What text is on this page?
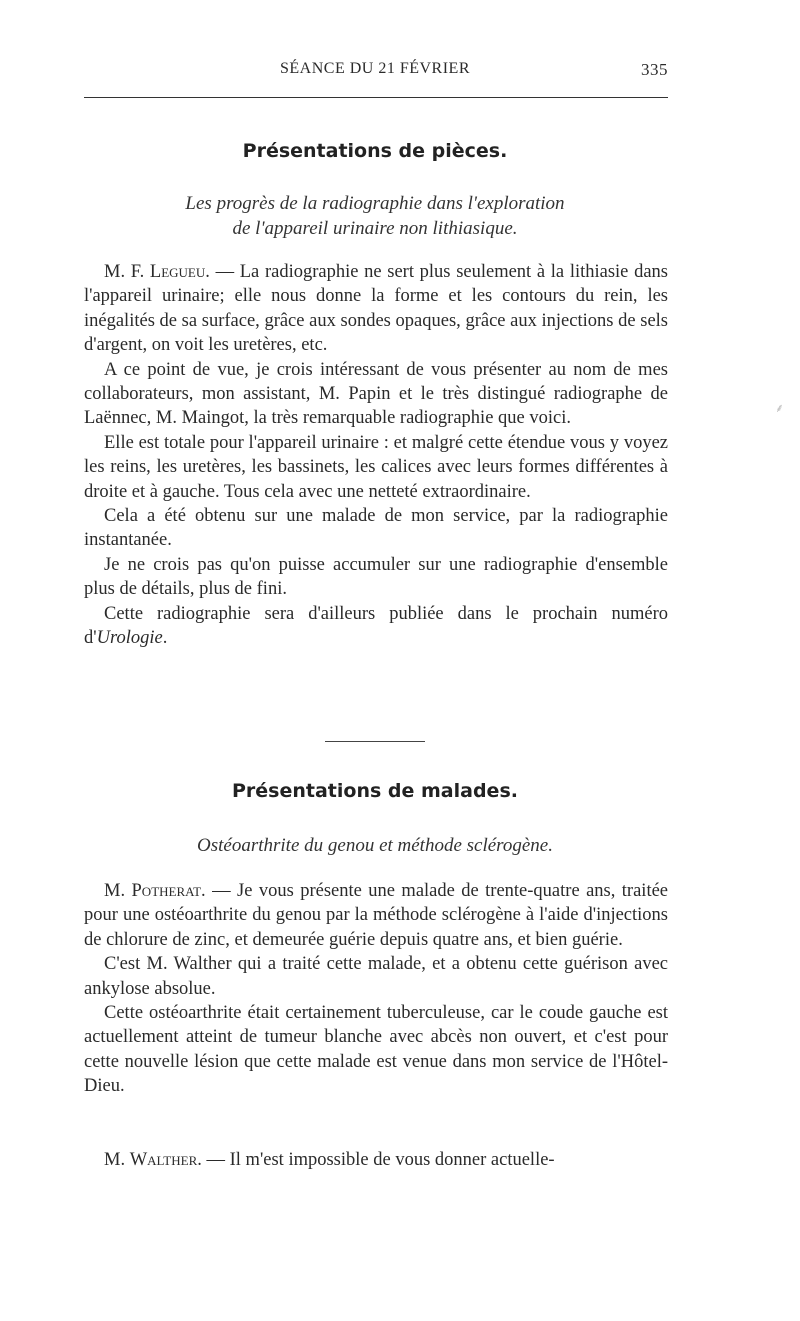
SÉANCE DU 21 FÉVRIER	335
Présentations de pièces.
Les progrès de la radiographie dans l'exploration
de l'appareil urinaire non lithiasique.

M. F. Legueu. — La radiographie ne sert plus seulement à la lithiasie dans l'appareil urinaire; elle nous donne la forme et les contours du rein, les inégalités de sa surface, grâce aux sondes opaques, grâce aux injections de sels d'argent, on voit les uretères, etc.

A ce point de vue, je crois intéressant de vous présenter au nom de mes collaborateurs, mon assistant, M. Papin et le très distingué radiographe de Laënnec, M. Maingot, la très remarquable radiographie que voici.

Elle est totale pour l'appareil urinaire : et malgré cette étendue vous y voyez les reins, les uretères, les bassinets, les calices avec leurs formes différentes à droite et à gauche. Tous cela avec une netteté extraordinaire.

Cela a été obtenu sur une malade de mon service, par la radiographie instantanée.

Je ne crois pas qu'on puisse accumuler sur une radiographie d'ensemble plus de détails, plus de fini.

Cette radiographie sera d'ailleurs publiée dans le prochain numéro d'Urologie.

Présentations de malades.
Ostéoarthrite du genou et méthode sclérogène.

M. Potherat. — Je vous présente une malade de trente-quatre ans, traitée pour une ostéoarthrite du genou par la méthode sclérogène à l'aide d'injections de chlorure de zinc, et demeurée guérie depuis quatre ans, et bien guérie.

C'est M. Walther qui a traité cette malade, et a obtenu cette guérison avec ankylose absolue.

Cette ostéoarthrite était certainement tuberculeuse, car le coude gauche est actuellement atteint de tumeur blanche avec abcès non ouvert, et c'est pour cette nouvelle lésion que cette malade est venue dans mon service de l'Hôtel-Dieu.

M. Walther. — Il m'est impossible de vous donner actuelle-

⸙
